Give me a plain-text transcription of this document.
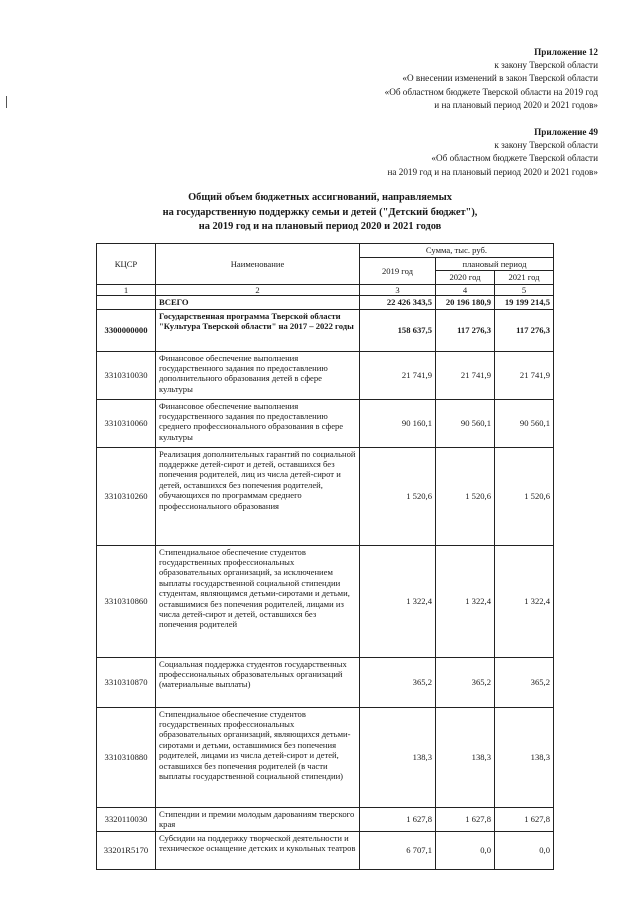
Приложение 12
к закону Тверской области
«О внесении изменений в закон Тверской области
«Об областном бюджете Тверской области на 2019 год
и на плановый период 2020 и 2021 годов»
Приложение 49
к закону Тверской области
«Об областном бюджете Тверской области
на 2019 год и на плановый период 2020 и 2021 годов»
Общий объем бюджетных ассигнований, направляемых
на государственную поддержку семьи и детей ("Детский бюджет"),
на 2019 год и на плановый период 2020 и 2021 годов
КЦСР	Наименование	Сумма, тыс. руб.		
		2019 год	плановый период	
			2020 год	2021 год
1	2	3	4	5
	ВСЕГО	22 426 343,5	20 196 180,9	19 199 214,5
3300000000	Государственная программа Тверской области "Культура Тверской области" на 2017 – 2022 годы	158 637,5	117 276,3	117 276,3
3310310030	Финансовое обеспечение выполнения государственного задания по предоставлению дополнительного образования детей в сфере культуры	21 741,9	21 741,9	21 741,9
3310310060	Финансовое обеспечение выполнения государственного задания по предоставлению среднего профессионального образования в сфере культуры	90 160,1	90 560,1	90 560,1
3310310260	Реализация дополнительных гарантий по социальной поддержке детей-сирот и детей, оставшихся без попечения родителей, лиц из числа детей-сирот и детей, оставшихся без попечения родителей, обучающихся по программам среднего профессионального образования	1 520,6	1 520,6	1 520,6
3310310860	Стипендиальное обеспечение студентов государственных профессиональных образовательных организаций, за исключением выплаты государственной социальной стипендии студентам, являющимся детьми-сиротами и детьми, оставшимися без попечения родителей, лицами из числа детей-сирот и детей, оставшихся без попечения родителей	1 322,4	1 322,4	1 322,4
3310310870	Социальная поддержка студентов государственных профессиональных образовательных организаций (материальные выплаты)	365,2	365,2	365,2
3310310880	Стипендиальное обеспечение студентов государственных профессиональных образовательных организаций, являющихся детьми-сиротами и детьми, оставшимися без попечения родителей, лицами из числа детей-сирот и детей, оставшихся без попечения родителей (в части выплаты государственной социальной стипендии)	138,3	138,3	138,3
3320110030	Стипендии и премии молодым дарованиям тверского края	1 627,8	1 627,8	1 627,8
33201R5170	Субсидии на поддержку творческой деятельности и техническое оснащение детских и кукольных театров	6 707,1	0,0	0,0
